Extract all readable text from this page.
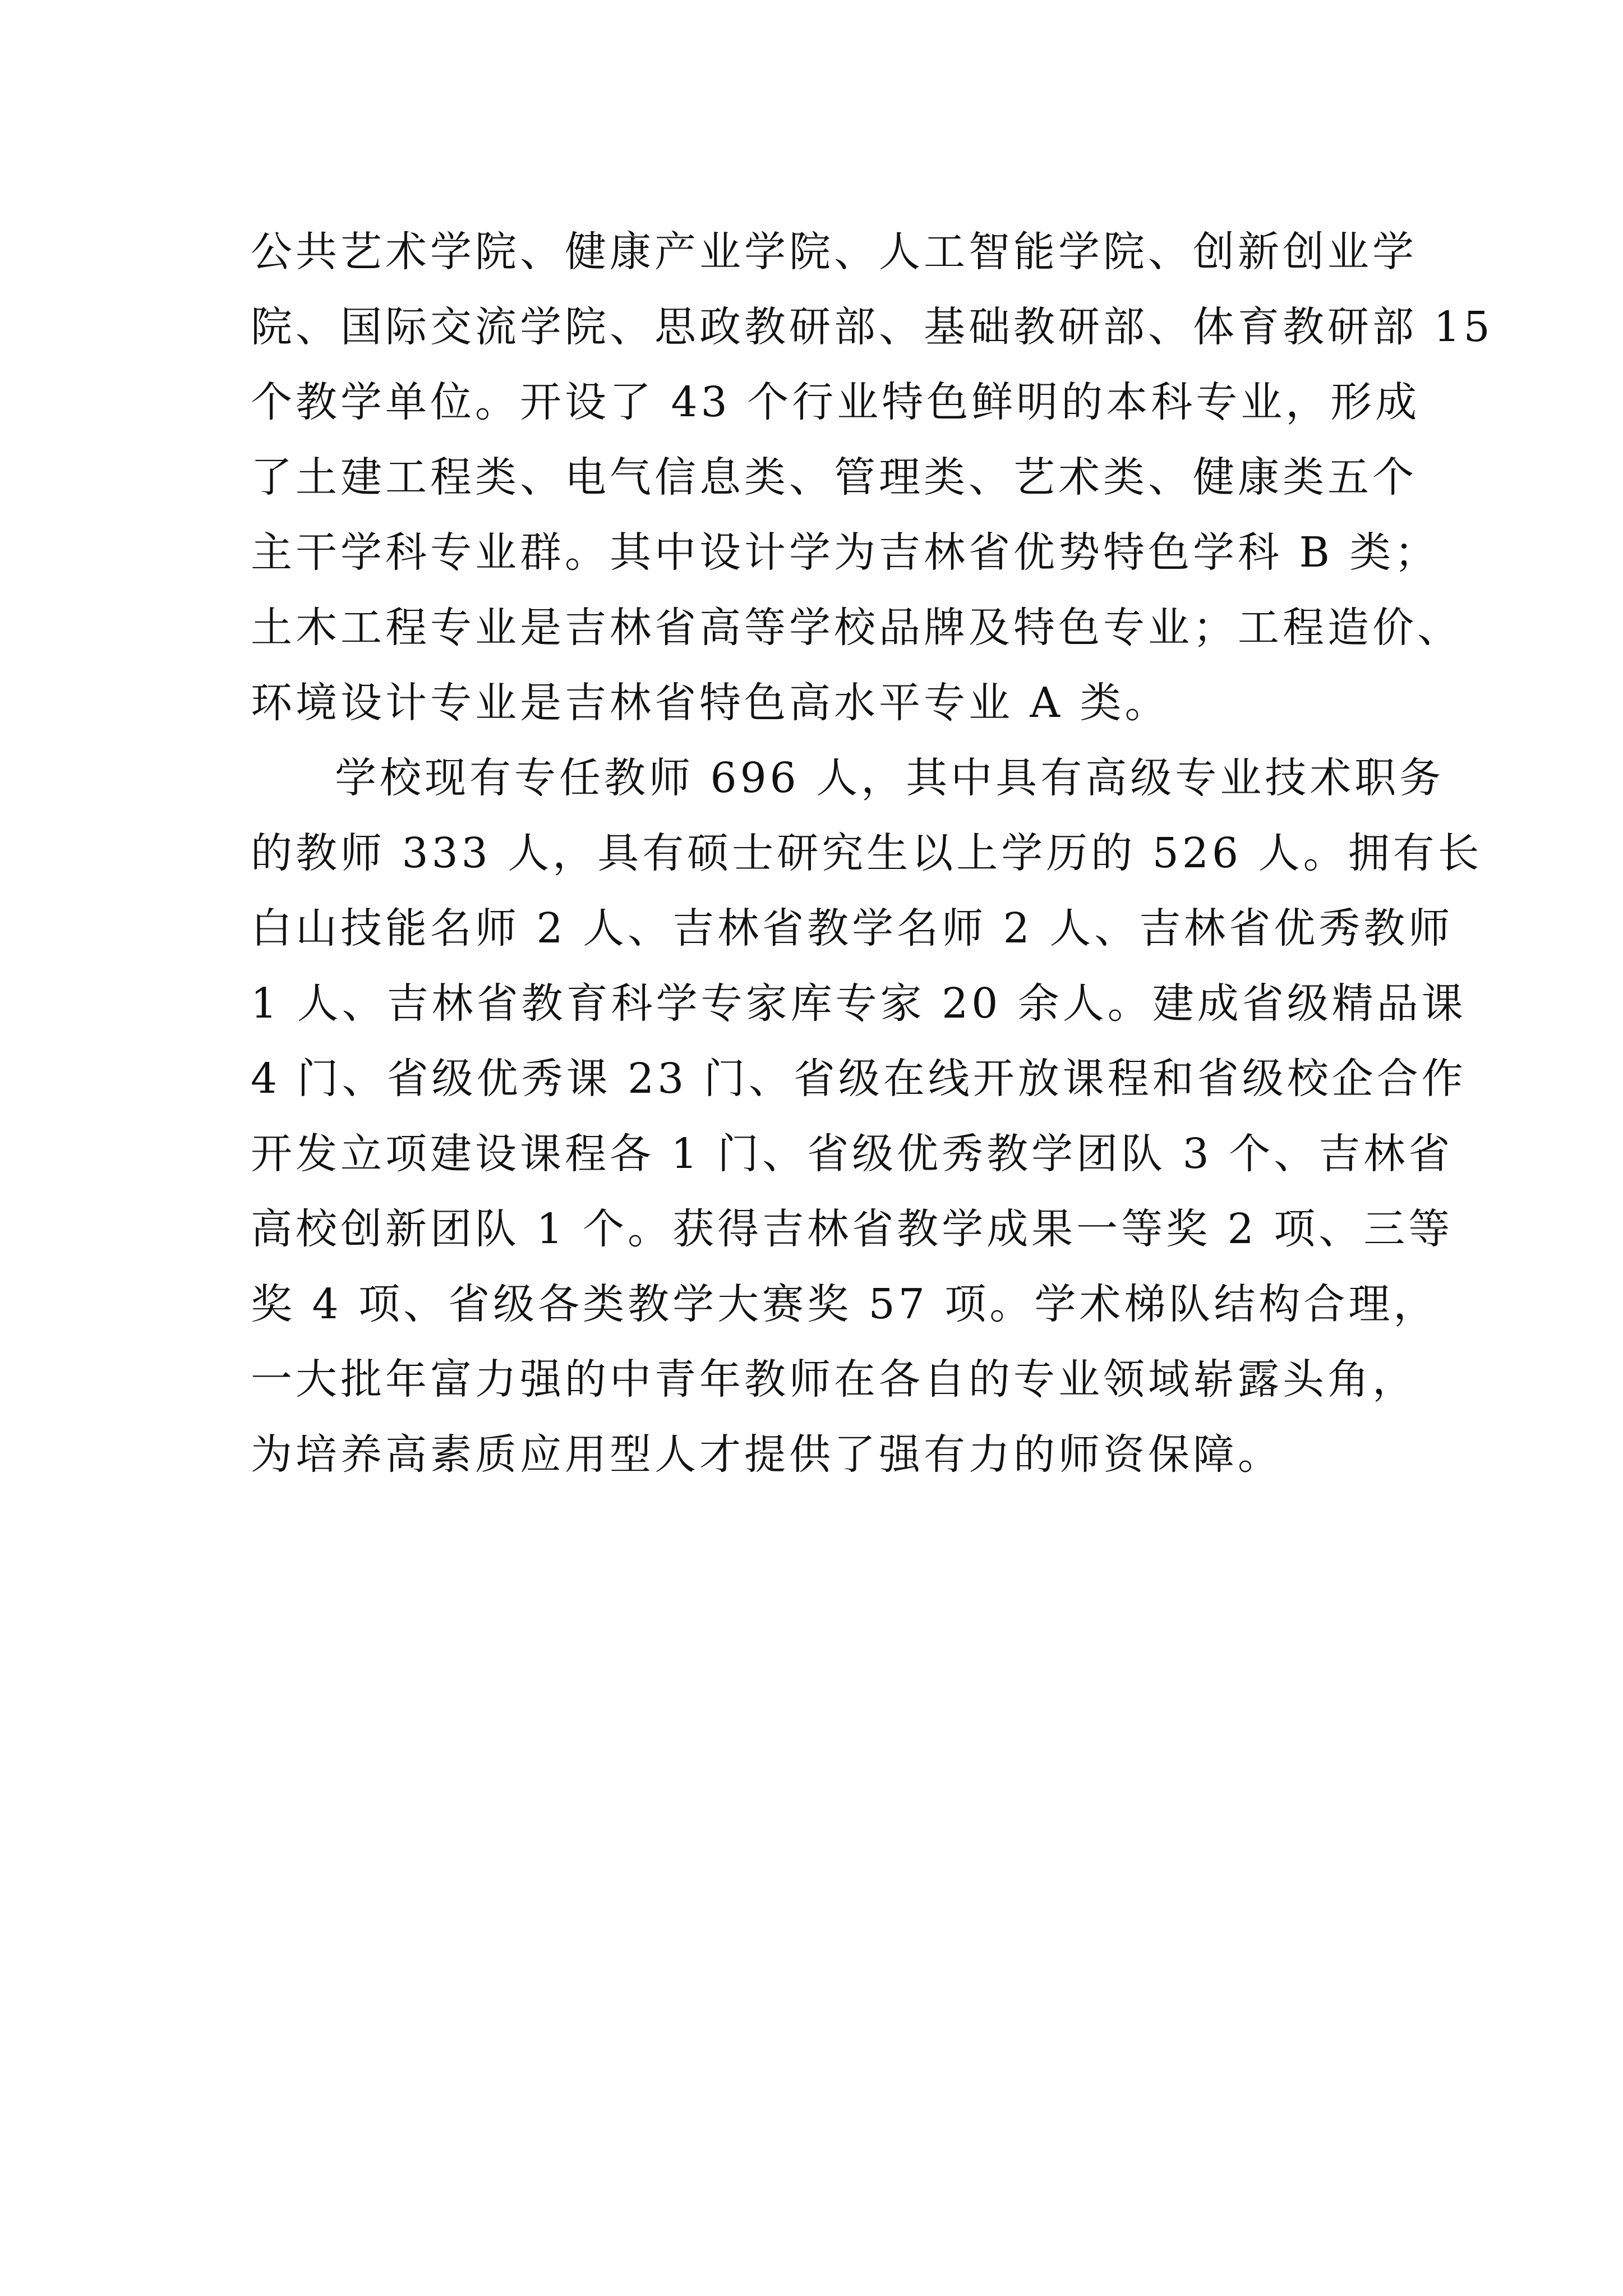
公共艺术学院、健康产业学院、人工智能学院、创新创业学
院、国际交流学院、思政教研部、基础教研部、体育教研部 15
个教学单位。开设了 43 个行业特色鲜明的本科专业，形成
了土建工程类、电气信息类、管理类、艺术类、健康类五个
主干学科专业群。其中设计学为吉林省优势特色学科 B 类；
土木工程专业是吉林省高等学校品牌及特色专业；工程造价、
环境设计专业是吉林省特色高水平专业 A 类。
学校现有专任教师 696 人，其中具有高级专业技术职务
的教师 333 人，具有硕士研究生以上学历的 526 人。拥有长
白山技能名师 2 人、吉林省教学名师 2 人、吉林省优秀教师
1 人、吉林省教育科学专家库专家 20 余人。建成省级精品课
4 门、省级优秀课 23 门、省级在线开放课程和省级校企合作
开发立项建设课程各 1 门、省级优秀教学团队 3 个、吉林省
高校创新团队 1 个。获得吉林省教学成果一等奖 2 项、三等
奖 4 项、省级各类教学大赛奖 57 项。学术梯队结构合理，
一大批年富力强的中青年教师在各自的专业领域崭露头角，
为培养高素质应用型人才提供了强有力的师资保障。
